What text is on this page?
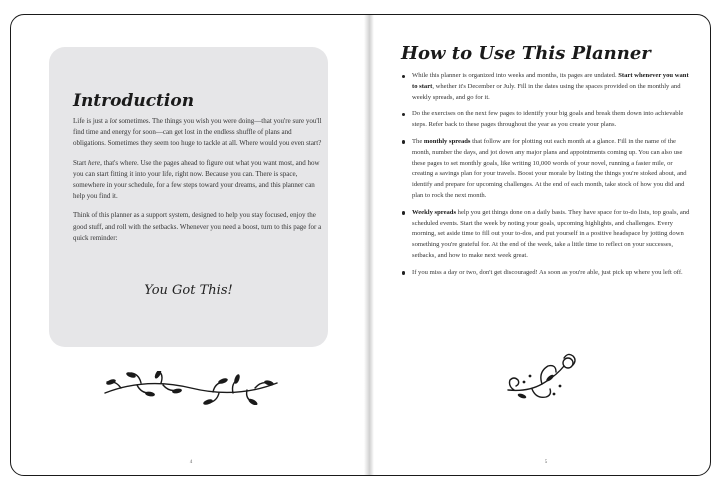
Introduction

Life is just a lot sometimes. The things you wish you were doing—that you're sure you'll find time and energy for soon—can get lost in the endless shuffle of plans and obligations. Sometimes they seem too huge to tackle at all. Where would you even start?

Start here, that's where. Use the pages ahead to figure out what you want most, and how you can start fitting it into your life, right now. Because you can. There is space, somewhere in your schedule, for a few steps toward your dreams, and this planner can help you find it.

Think of this planner as a support system, designed to help you stay focused, enjoy the good stuff, and roll with the setbacks. Whenever you need a boost, turn to this page for a quick reminder:

You Got This!
4
How to Use This Planner
While this planner is organized into weeks and months, its pages are undated. Start whenever you want to start, whether it's December or July. Fill in the dates using the spaces provided on the monthly and weekly spreads, and go for it.
Do the exercises on the next few pages to identify your big goals and break them down into achievable steps. Refer back to these pages throughout the year as you create your plans.
The monthly spreads that follow are for plotting out each month at a glance. Fill in the name of the month, number the days, and jot down any major plans and appointments coming up. You can also use these pages to set monthly goals, like writing 10,000 words of your novel, running a faster mile, or creating a savings plan for your travels. Boost your morale by listing the things you're stoked about, and identify and prepare for upcoming challenges. At the end of each month, take stock of how you did and plan to rock the next month.
Weekly spreads help you get things done on a daily basis. They have space for to-do lists, top goals, and scheduled events. Start the week by noting your goals, upcoming highlights, and challenges. Every morning, set aside time to fill out your to-dos, and put yourself in a positive headspace by jotting down something you're grateful for. At the end of the week, take a little time to reflect on your successes, setbacks, and how to make next week great.
If you miss a day or two, don't get discouraged! As soon as you're able, just pick up where you left off.
5
